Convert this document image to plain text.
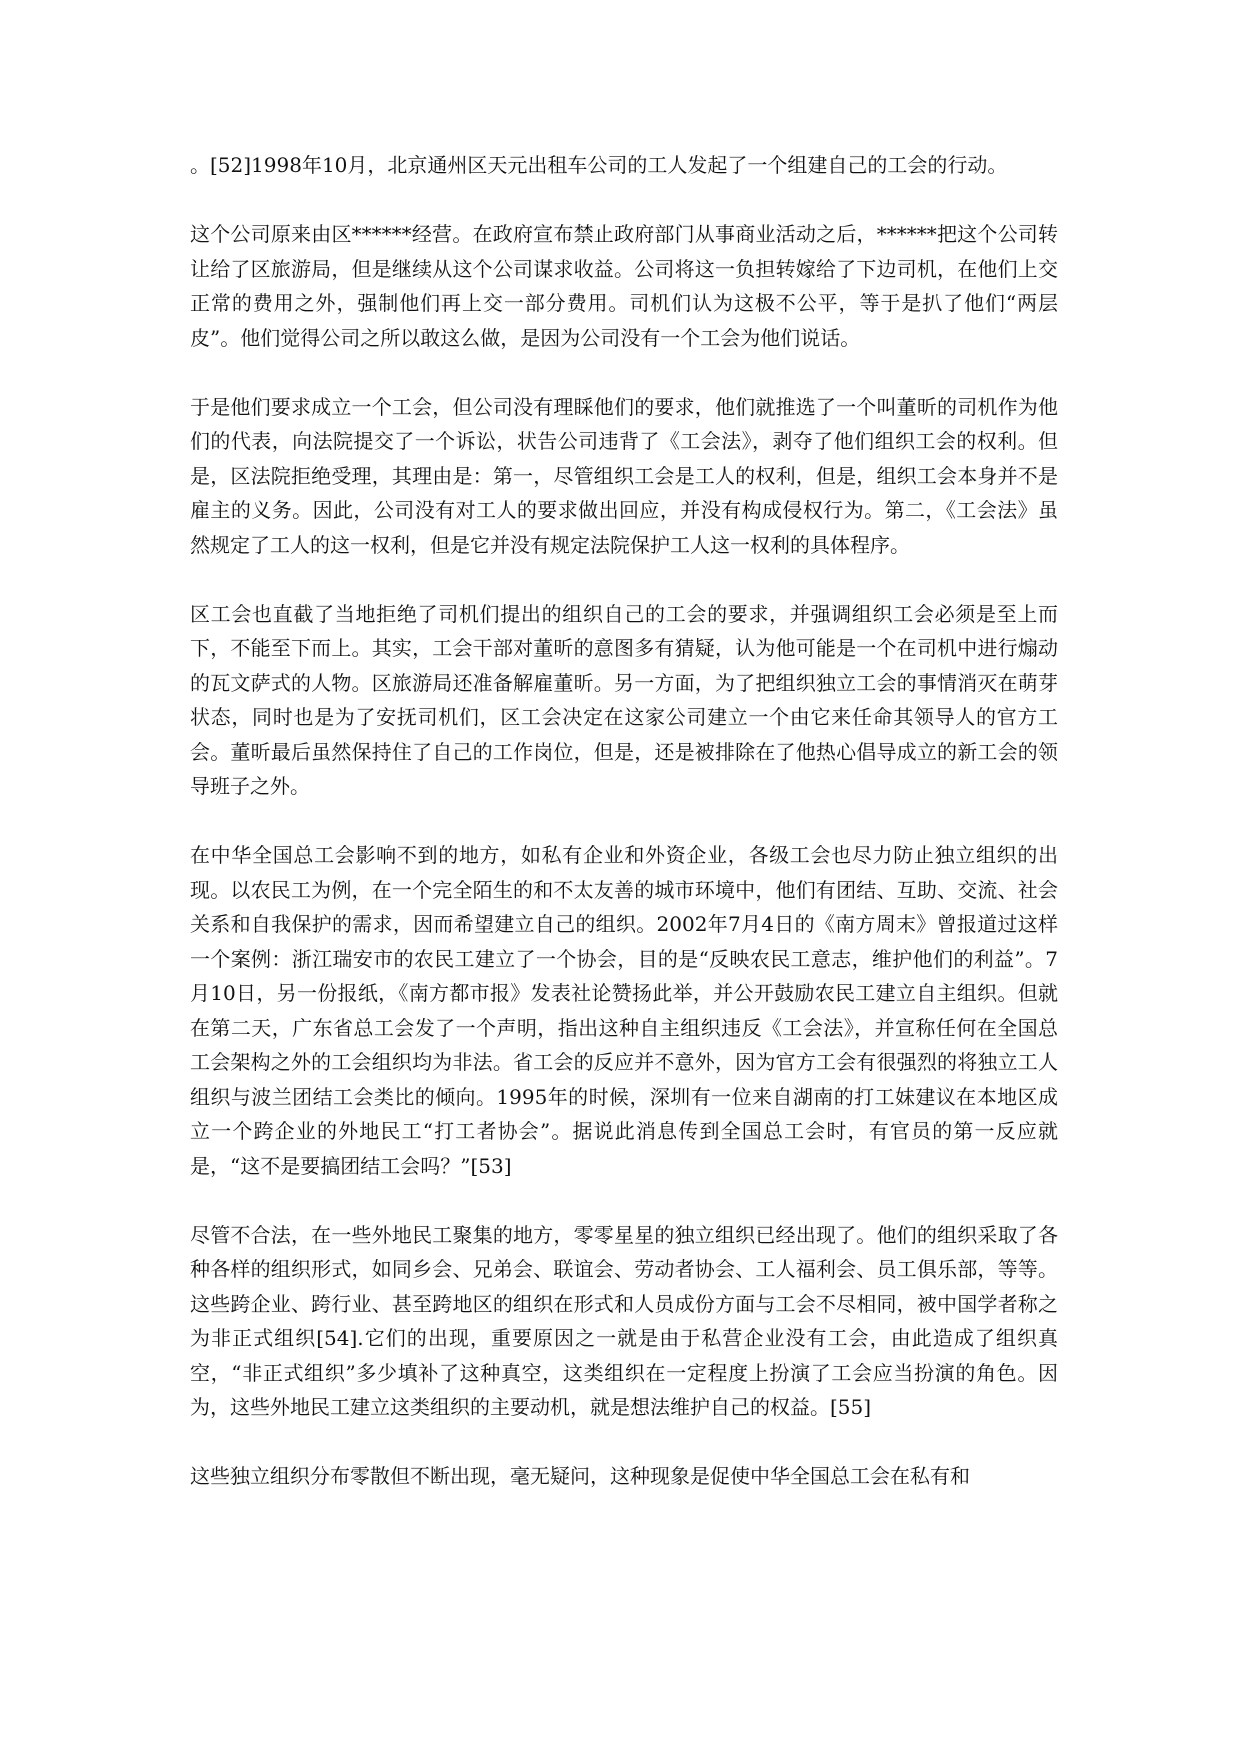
。[52]1998年10月，北京通州区天元出租车公司的工人发起了一个组建自己的工会的行动。

这个公司原来由区******经营。在政府宣布禁止政府部门从事商业活动之后，******把这个公司转让给了区旅游局，但是继续从这个公司谋求收益。公司将这一负担转嫁给了下边司机，在他们上交正常的费用之外，强制他们再上交一部分费用。司机们认为这极不公平，等于是扒了他们“两层皮”。他们觉得公司之所以敢这么做，是因为公司没有一个工会为他们说话。

于是他们要求成立一个工会，但公司没有理睬他们的要求，他们就推选了一个叫董昕的司机作为他们的代表，向法院提交了一个诉讼，状告公司违背了《工会法》，剥夺了他们组织工会的权利。但是，区法院拒绝受理，其理由是：第一，尽管组织工会是工人的权利，但是，组织工会本身并不是雇主的义务。因此，公司没有对工人的要求做出回应，并没有构成侵权行为。第二，《工会法》虽然规定了工人的这一权利，但是它并没有规定法院保护工人这一权利的具体程序。

区工会也直截了当地拒绝了司机们提出的组织自己的工会的要求，并强调组织工会必须是至上而下，不能至下而上。其实，工会干部对董昕的意图多有猜疑，认为他可能是一个在司机中进行煽动的瓦文萨式的人物。区旅游局还准备解雇董昕。另一方面，为了把组织独立工会的事情消灭在萌芽状态，同时也是为了安抚司机们，区工会决定在这家公司建立一个由它来任命其领导人的官方工会。董昕最后虽然保持住了自己的工作岗位，但是，还是被排除在了他热心倡导成立的新工会的领导班子之外。

在中华全国总工会影响不到的地方，如私有企业和外资企业，各级工会也尽力防止独立组织的出现。以农民工为例，在一个完全陌生的和不太友善的城市环境中，他们有团结、互助、交流、社会关系和自我保护的需求，因而希望建立自己的组织。2002年7月4日的《南方周末》曾报道过这样一个案例：浙江瑞安市的农民工建立了一个协会，目的是“反映农民工意志，维护他们的利益”。7月10日，另一份报纸，《南方都市报》发表社论赞扬此举，并公开鼓励农民工建立自主组织。但就在第二天，广东省总工会发了一个声明，指出这种自主组织违反《工会法》，并宣称任何在全国总工会架构之外的工会组织均为非法。省工会的反应并不意外，因为官方工会有很强烈的将独立工人组织与波兰团结工会类比的倾向。1995年的时候，深圳有一位来自湖南的打工妹建议在本地区成立一个跨企业的外地民工“打工者协会”。据说此消息传到全国总工会时，有官员的第一反应就是，“这不是要搞团结工会吗？”[53]

尽管不合法，在一些外地民工聚集的地方，零零星星的独立组织已经出现了。他们的组织采取了各种各样的组织形式，如同乡会、兄弟会、联谊会、劳动者协会、工人福利会、员工俱乐部，等等。这些跨企业、跨行业、甚至跨地区的组织在形式和人员成份方面与工会不尽相同，被中国学者称之为非正式组织[54].它们的出现，重要原因之一就是由于私营企业没有工会，由此造成了组织真空，“非正式组织”多少填补了这种真空，这类组织在一定程度上扮演了工会应当扮演的角色。因为，这些外地民工建立这类组织的主要动机，就是想法维护自己的权益。[55]

这些独立组织分布零散但不断出现，毫无疑问，这种现象是促使中华全国总工会在私有和
